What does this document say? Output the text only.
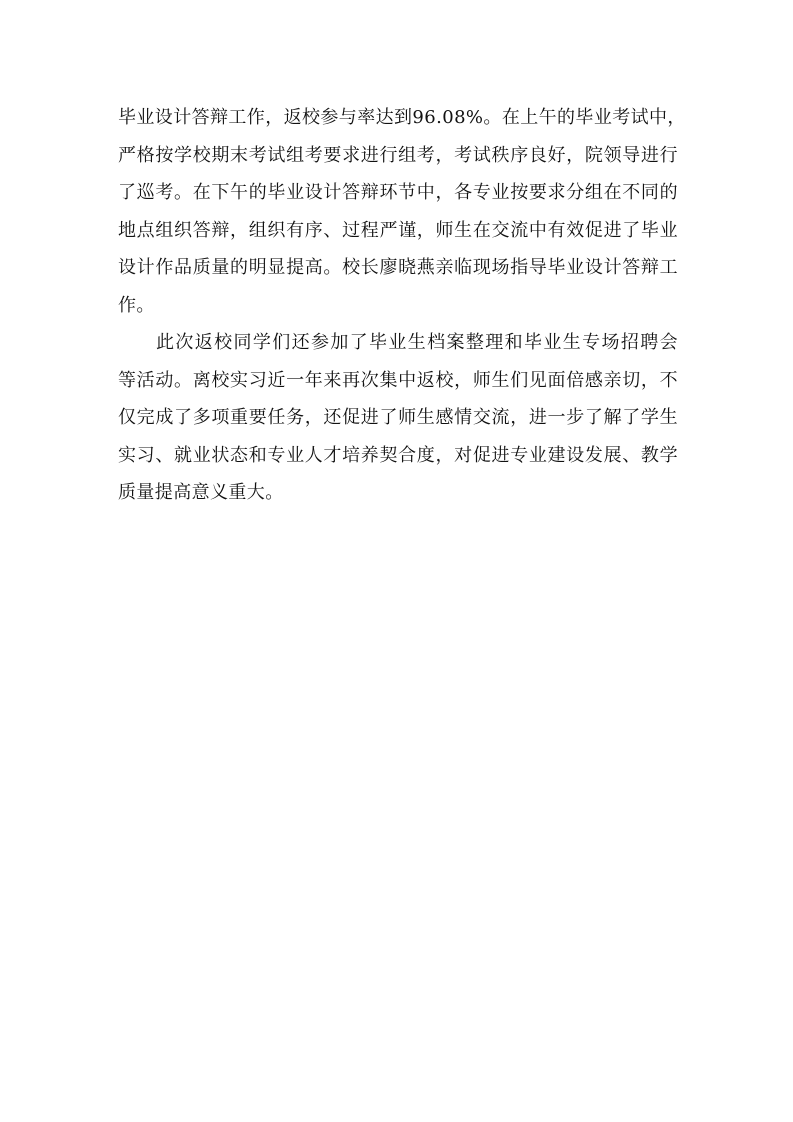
毕业设计答辩工作，返校参与率达到96.08%。在上午的毕业考试中，
严格按学校期末考试组考要求进行组考，考试秩序良好，院领导进行
了巡考。在下午的毕业设计答辩环节中，各专业按要求分组在不同的
地点组织答辩，组织有序、过程严谨，师生在交流中有效促进了毕业
设计作品质量的明显提高。校长廖晓燕亲临现场指导毕业设计答辩工
作。
此次返校同学们还参加了毕业生档案整理和毕业生专场招聘会
等活动。离校实习近一年来再次集中返校，师生们见面倍感亲切，不
仅完成了多项重要任务，还促进了师生感情交流，进一步了解了学生
实习、就业状态和专业人才培养契合度，对促进专业建设发展、教学
质量提高意义重大。
